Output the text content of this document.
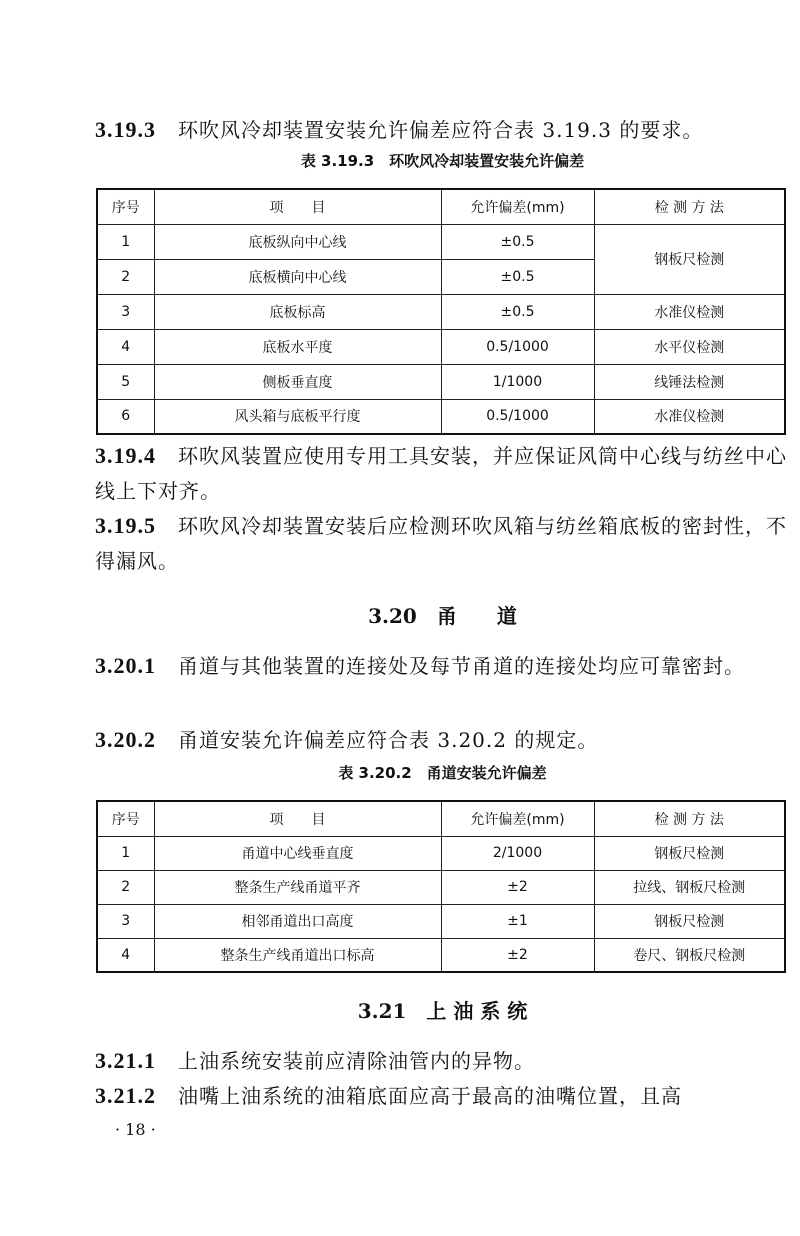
3.19.3 环吹风冷却装置安装允许偏差应符合表 3.19.3 的要求。
表 3.19.3　环吹风冷却装置安装允许偏差
序号	项　　目	允许偏差(mm)	检 测 方 法
1	底板纵向中心线	±0.5	钢板尺检测
2	底板横向中心线	±0.5	
3	底板标高	±0.5	水准仪检测
4	底板水平度	0.5/1000	水平仪检测
5	侧板垂直度	1/1000	线锤法检测
6	风头箱与底板平行度	0.5/1000	水准仪检测
3.19.4 环吹风装置应使用专用工具安装，并应保证风筒中心线与纺丝中心线上下对齐。
3.19.5 环吹风冷却装置安装后应检测环吹风箱与纺丝箱底板的密封性，不得漏风。
3.20　甬　　道
3.20.1 甬道与其他装置的连接处及每节甬道的连接处均应可靠密封。
3.20.2 甬道安装允许偏差应符合表 3.20.2 的规定。
表 3.20.2　甬道安装允许偏差
序号	项　　目	允许偏差(mm)	检 测 方 法
1	甬道中心线垂直度	2/1000	钢板尺检测
2	整条生产线甬道平齐	±2	拉线、钢板尺检测
3	相邻甬道出口高度	±1	钢板尺检测
4	整条生产线甬道出口标高	±2	卷尺、钢板尺检测
3.21　上 油 系 统
3.21.1 上油系统安装前应清除油管内的异物。
3.21.2 油嘴上油系统的油箱底面应高于最高的油嘴位置，且高
· 18 ·
